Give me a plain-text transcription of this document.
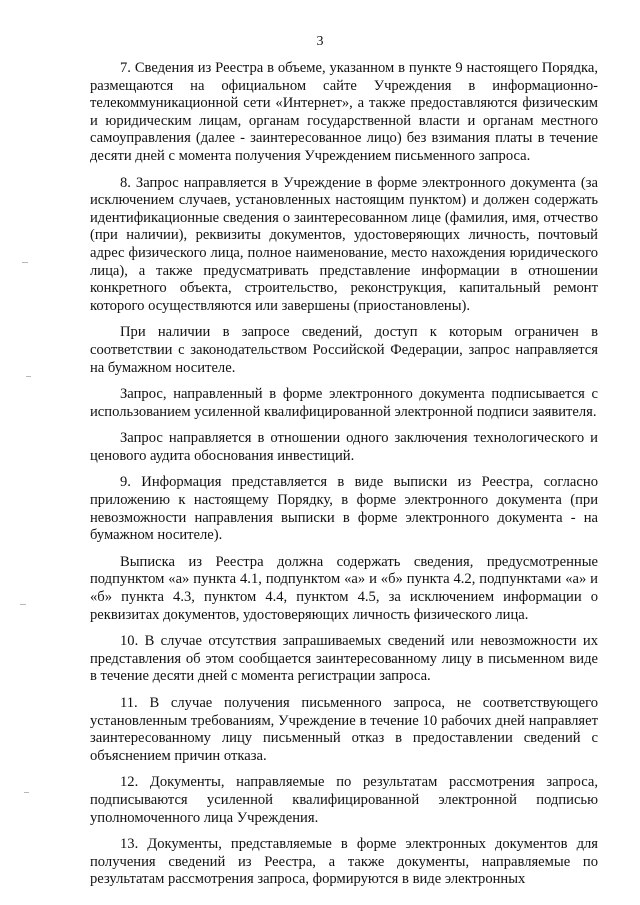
3

7. Сведения из Реестра в объеме, указанном в пункте 9 настоящего Порядка, размещаются на официальном сайте Учреждения в информационно-телекоммуникационной сети «Интернет», а также предоставляются физическим и юридическим лицам, органам государственной власти и органам местного самоуправления (далее - заинтересованное лицо) без взимания платы в течение десяти дней с момента получения Учреждением письменного запроса.

8. Запрос направляется в Учреждение в форме электронного документа (за исключением случаев, установленных настоящим пунктом) и должен содержать идентификационные сведения о заинтересованном лице (фамилия, имя, отчество (при наличии), реквизиты документов, удостоверяющих личность, почтовый адрес физического лица, полное наименование, место нахождения юридического лица), а также предусматривать представление информации в отношении конкретного объекта, строительство, реконструкция, капитальный ремонт которого осуществляются или завершены (приостановлены).

При наличии в запросе сведений, доступ к которым ограничен в соответствии с законодательством Российской Федерации, запрос направляется на бумажном носителе.

Запрос, направленный в форме электронного документа подписывается с использованием усиленной квалифицированной электронной подписи заявителя.

Запрос направляется в отношении одного заключения технологического и ценового аудита обоснования инвестиций.

9. Информация представляется в виде выписки из Реестра, согласно приложению к настоящему Порядку, в форме электронного документа (при невозможности направления выписки в форме электронного документа - на бумажном носителе).

Выписка из Реестра должна содержать сведения, предусмотренные подпунктом «а» пункта 4.1, подпунктом «а» и «б» пункта 4.2, подпунктами «а» и «б» пункта 4.3, пунктом 4.4, пунктом 4.5, за исключением информации о реквизитах документов, удостоверяющих личность физического лица.

10. В случае отсутствия запрашиваемых сведений или невозможности их представления об этом сообщается заинтересованному лицу в письменном виде в течение десяти дней с момента регистрации запроса.

11. В случае получения письменного запроса, не соответствующего установленным требованиям, Учреждение в течение 10 рабочих дней направляет заинтересованному лицу письменный отказ в предоставлении сведений с объяснением причин отказа.

12. Документы, направляемые по результатам рассмотрения запроса, подписываются усиленной квалифицированной электронной подписью уполномоченного лица Учреждения.

13. Документы, представляемые в форме электронных документов для получения сведений из Реестра, а также документы, направляемые по результатам рассмотрения запроса, формируются в виде электронных
